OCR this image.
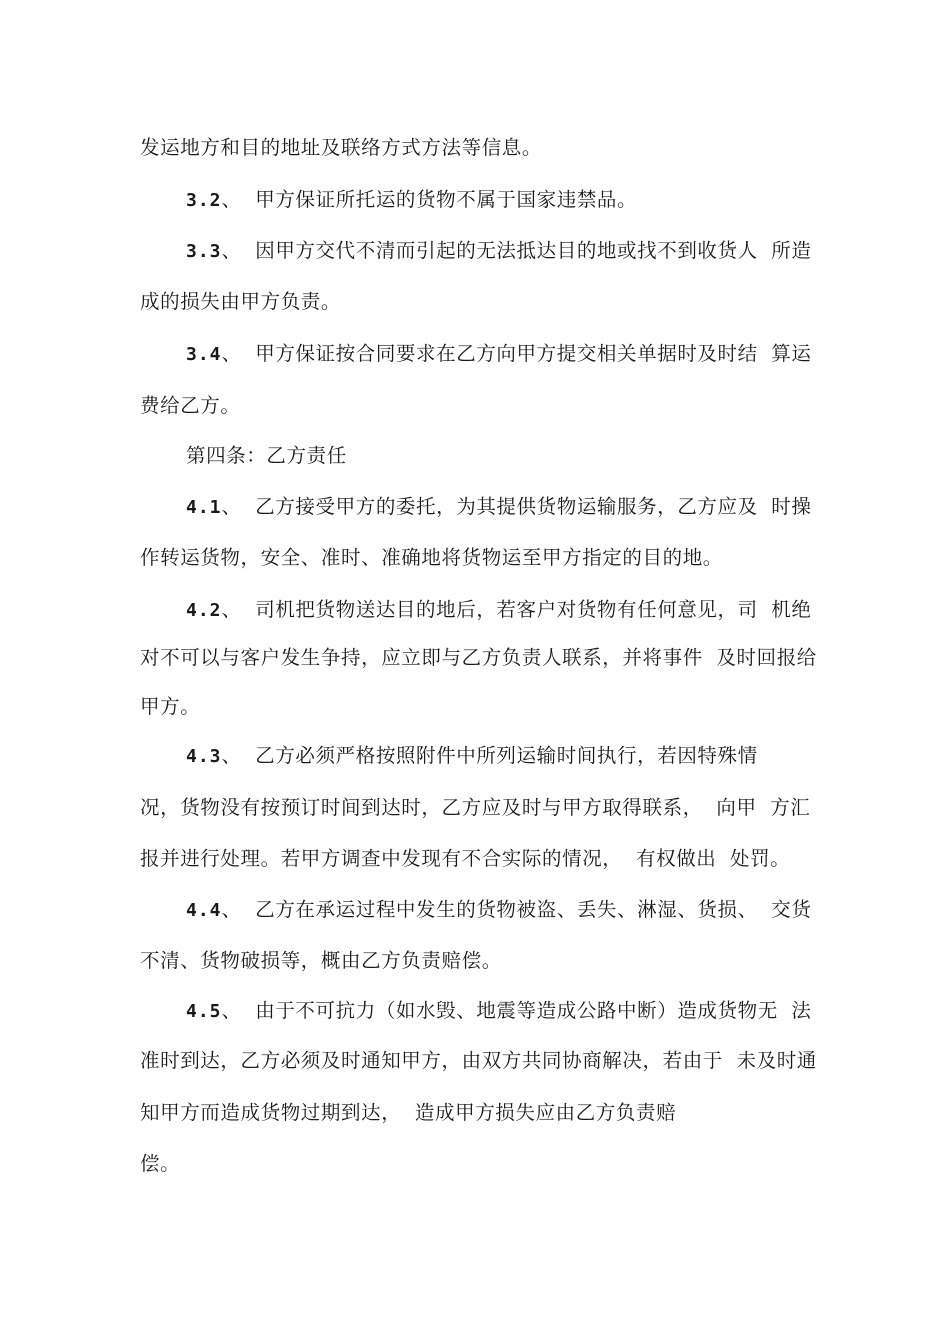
发运地方和目的地址及联络方式方法等信息。
3.2、  甲方保证所托运的货物不属于国家违禁品。
3.3、  因甲方交代不清而引起的无法抵达目的地或找不到收货人  所造
成的损失由甲方负责。
3.4、  甲方保证按合同要求在乙方向甲方提交相关单据时及时结  算运
费给乙方。
第四条：乙方责任
4.1、  乙方接受甲方的委托，为其提供货物运输服务，乙方应及  时操
作转运货物，安全、准时、准确地将货物运至甲方指定的目的地。
4.2、  司机把货物送达目的地后，若客户对货物有任何意见，司  机绝
对不可以与客户发生争持，应立即与乙方负责人联系，并将事件  及时回报给
甲方。
4.3、  乙方必须严格按照附件中所列运输时间执行，若因特殊情
况，货物没有按预订时间到达时，乙方应及时与甲方取得联系，  向甲  方汇
报并进行处理。若甲方调查中发现有不合实际的情况，  有权做出  处罚。
4.4、  乙方在承运过程中发生的货物被盗、丢失、淋湿、货损、  交货
不清、货物破损等，概由乙方负责赔偿。
4.5、  由于不可抗力（如水毁、地震等造成公路中断）造成货物无  法
准时到达，乙方必须及时通知甲方，由双方共同协商解决，若由于  未及时通
知甲方而造成货物过期到达，  造成甲方损失应由乙方负责赔
偿。
